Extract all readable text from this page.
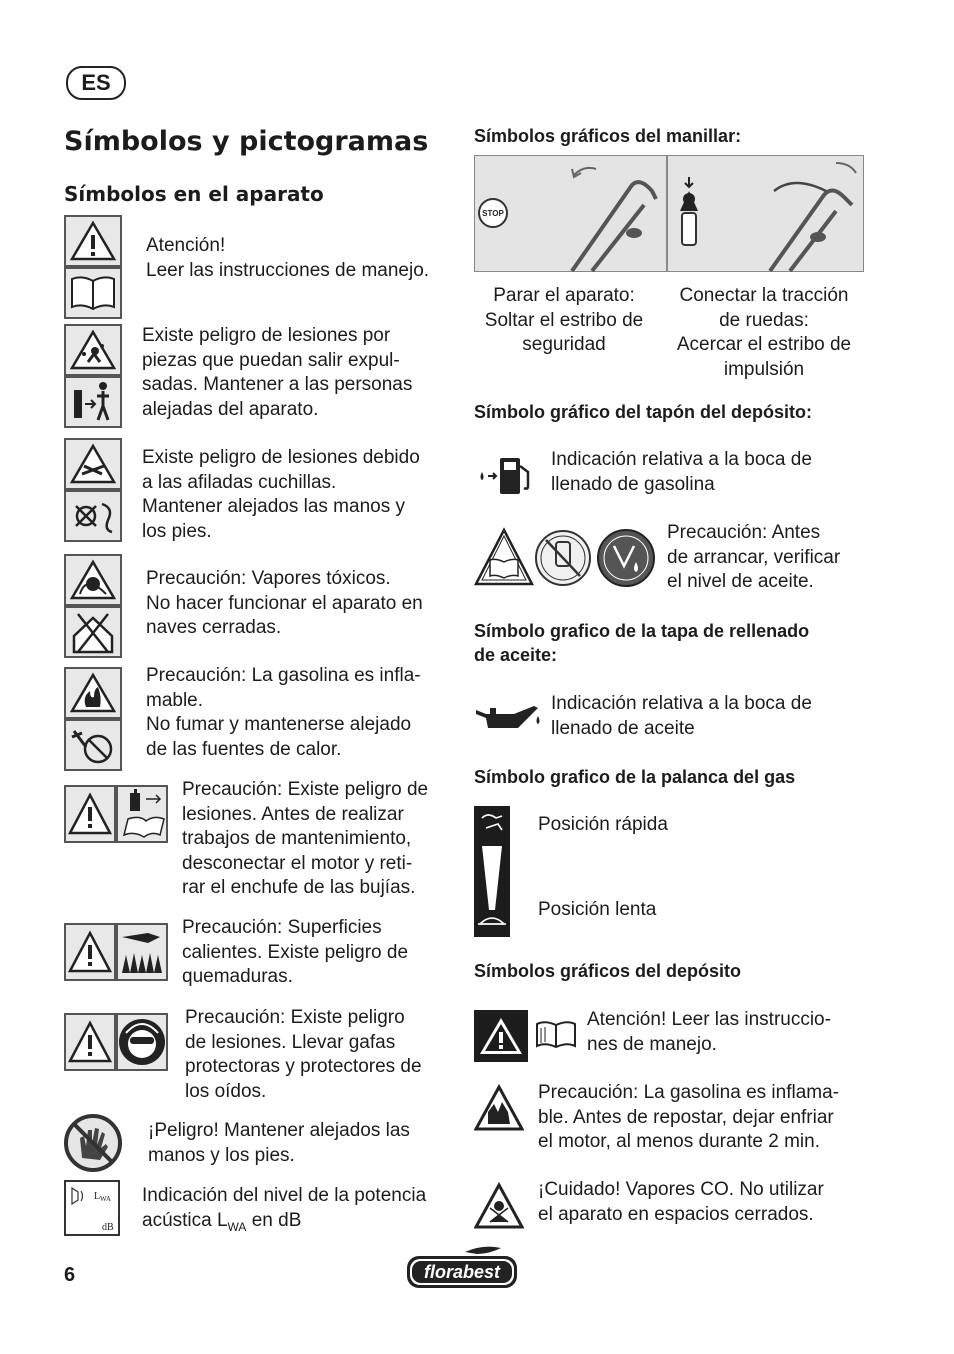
ES
Símbolos y pictogramas
Símbolos en el aparato
Atención!
Leer las instrucciones de manejo.
Existe peligro de lesiones por
piezas que puedan salir expul-
sadas. Mantener a las personas
alejadas del aparato.
Existe peligro de lesiones debido
a las afiladas cuchillas.
Mantener alejados las manos y
los pies.
Precaución: Vapores tóxicos.
No hacer funcionar el aparato en
naves cerradas.
Precaución: La gasolina es infla-
mable.
No fumar y mantenerse alejado
de las fuentes de calor.
Precaución: Existe peligro de
lesiones. Antes de realizar
trabajos de mantenimiento,
desconectar el motor y reti-
rar el enchufe de las bujías.
Precaución: Superficies
calientes. Existe peligro de
quemaduras.
Precaución: Existe peligro
de lesiones. Llevar gafas
protectoras y protectores de
los oídos.
¡Peligro! Mantener alejados las
manos y los pies.
L WA
dB
Indicación del nivel de la potencia
acústica $L_{WA}$ en dB
Símbolos gráficos del manillar:
STOP
Parar el aparato:
Soltar el estribo de
seguridad
Conectar la tracción
de ruedas:
Acercar el estribo de
impulsión
Símbolo gráfico del tapón del depósito:
Indicación relativa a la boca de
llenado de gasolina
Precaución: Antes
de arrancar, verificar
el nivel de aceite.
Símbolo grafico de la tapa de rellenado
de aceite:
Indicación relativa a la boca de
llenado de aceite
Símbolo grafico de la palanca del gas
Posición rápida
Posición lenta
Símbolos gráficos del depósito
Atención! Leer las instruccio-
nes de manejo.
Precaución: La gasolina es inflama-
ble. Antes de repostar, dejar enfriar
el motor, al menos durante 2 min.
¡Cuidado! Vapores CO. No utilizar
el aparato en espacios cerrados.
6	florabest
